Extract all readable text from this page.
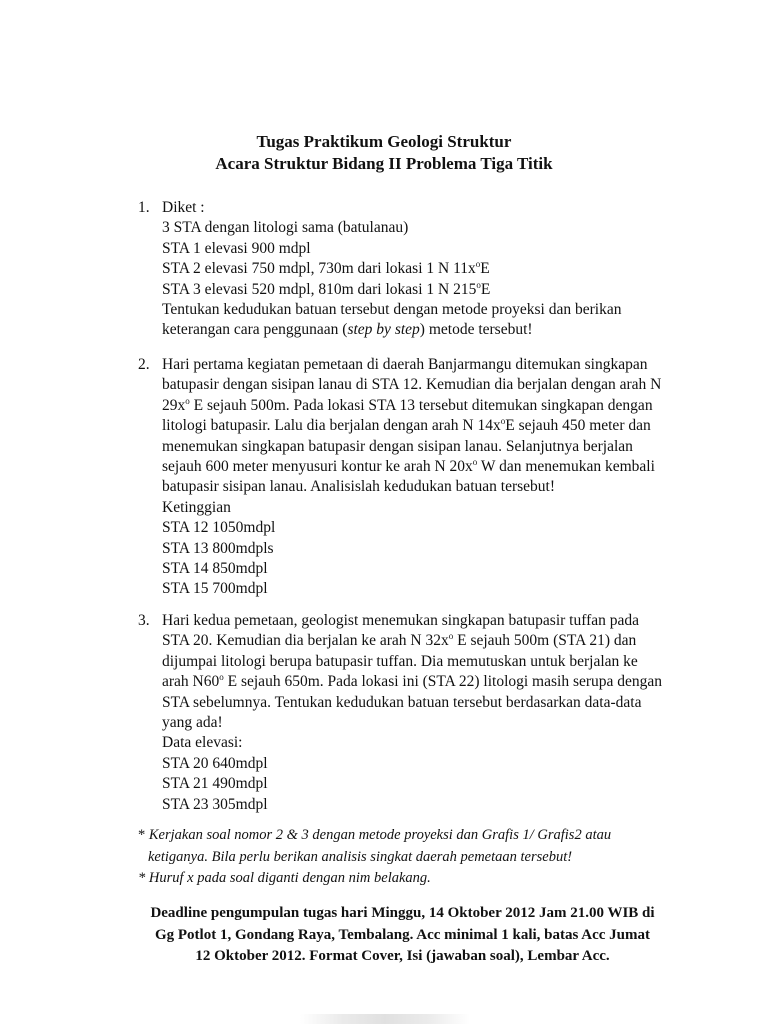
Tugas Praktikum Geologi Struktur
Acara Struktur Bidang II Problema Tiga Titik
1. Diket :
3 STA dengan litologi sama (batulanau)
STA 1 elevasi 900 mdpl
STA 2 elevasi 750 mdpl, 730m dari lokasi 1 N $11x^oE$
STA 3 elevasi 520 mdpl, 810m dari lokasi 1 N 215$^o$E
Tentukan kedudukan batuan tersebut dengan metode proyeksi dan berikan
keterangan cara penggunaan (step by step) metode tersebut!
2. Hari pertama kegiatan pemetaan di daerah Banjarmangu ditemukan singkapan
batupasir dengan sisipan lanau di STA 12. Kemudian dia berjalan dengan arah N
$29x^o$ E sejauh 500m. Pada lokasi STA 13 tersebut ditemukan singkapan dengan
litologi batupasir. Lalu dia berjalan dengan arah N $14x^oE$ sejauh 450 meter dan
menemukan singkapan batupasir dengan sisipan lanau. Selanjutnya berjalan
sejauh 600 meter menyusuri kontur ke arah N $20x^o$ W dan menemukan kembali
batupasir sisipan lanau. Analisislah kedudukan batuan tersebut!
Ketinggian
STA 12 1050mdpl
STA 13 800mdpls
STA 14 850mdpl
STA 15 700mdpl
3. Hari kedua pemetaan, geologist menemukan singkapan batupasir tuffan pada
STA 20. Kemudian dia berjalan ke arah N $32x^o$ E sejauh 500m (STA 21) dan
dijumpai litologi berupa batupasir tuffan. Dia memutuskan untuk berjalan ke
arah N60$^o$ E sejauh 650m. Pada lokasi ini (STA 22) litologi masih serupa dengan
STA sebelumnya. Tentukan kedudukan batuan tersebut berdasarkan data-data
yang ada!
Data elevasi:
STA 20 640mdpl
STA 21 490mdpl
STA 23 305mdpl
* Kerjakan soal nomor 2 & 3 dengan metode proyeksi dan Grafis 1/ Grafis2 atau
ketiganya. Bila perlu berikan analisis singkat daerah pemetaan tersebut!
* Huruf x pada soal diganti dengan nim belakang.
Deadline pengumpulan tugas hari Minggu, 14 Oktober 2012 Jam 21.00 WIB di
Gg Potlot 1, Gondang Raya, Tembalang. Acc minimal 1 kali, batas Acc Jumat
12 Oktober 2012. Format Cover, Isi (jawaban soal), Lembar Acc.
